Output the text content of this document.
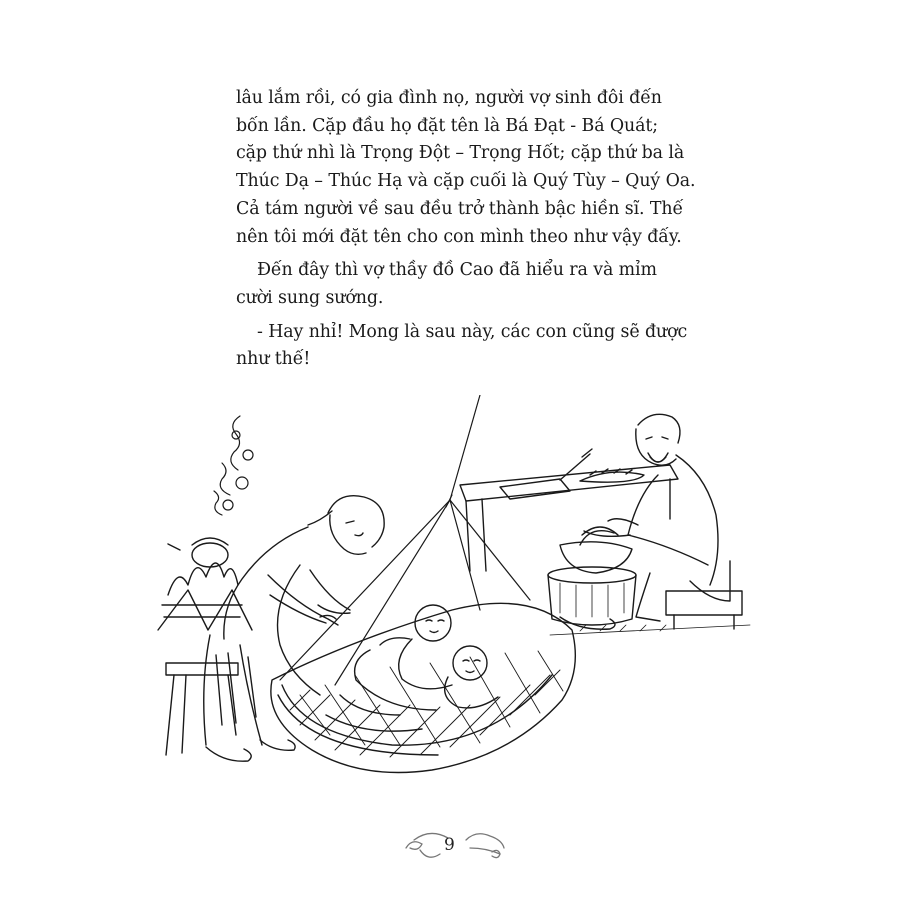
lâu lắm rồi, có gia đình nọ, người vợ sinh đôi đến
bốn lần. Cặp đầu họ đặt tên là Bá Đạt - Bá Quát;
cặp thứ nhì là Trọng Đột – Trọng Hốt; cặp thứ ba là
Thúc Dạ – Thúc Hạ và cặp cuối là Quý Tùy – Quý Oa.
Cả tám người về sau đều trở thành bậc hiền sĩ. Thế
nên tôi mới đặt tên cho con mình theo như vậy đấy.
Đến đây thì vợ thầy đồ Cao đã hiểu ra và mỉm
cười sung sướng.
- Hay nhỉ! Mong là sau này, các con cũng sẽ được
như thế!
9
